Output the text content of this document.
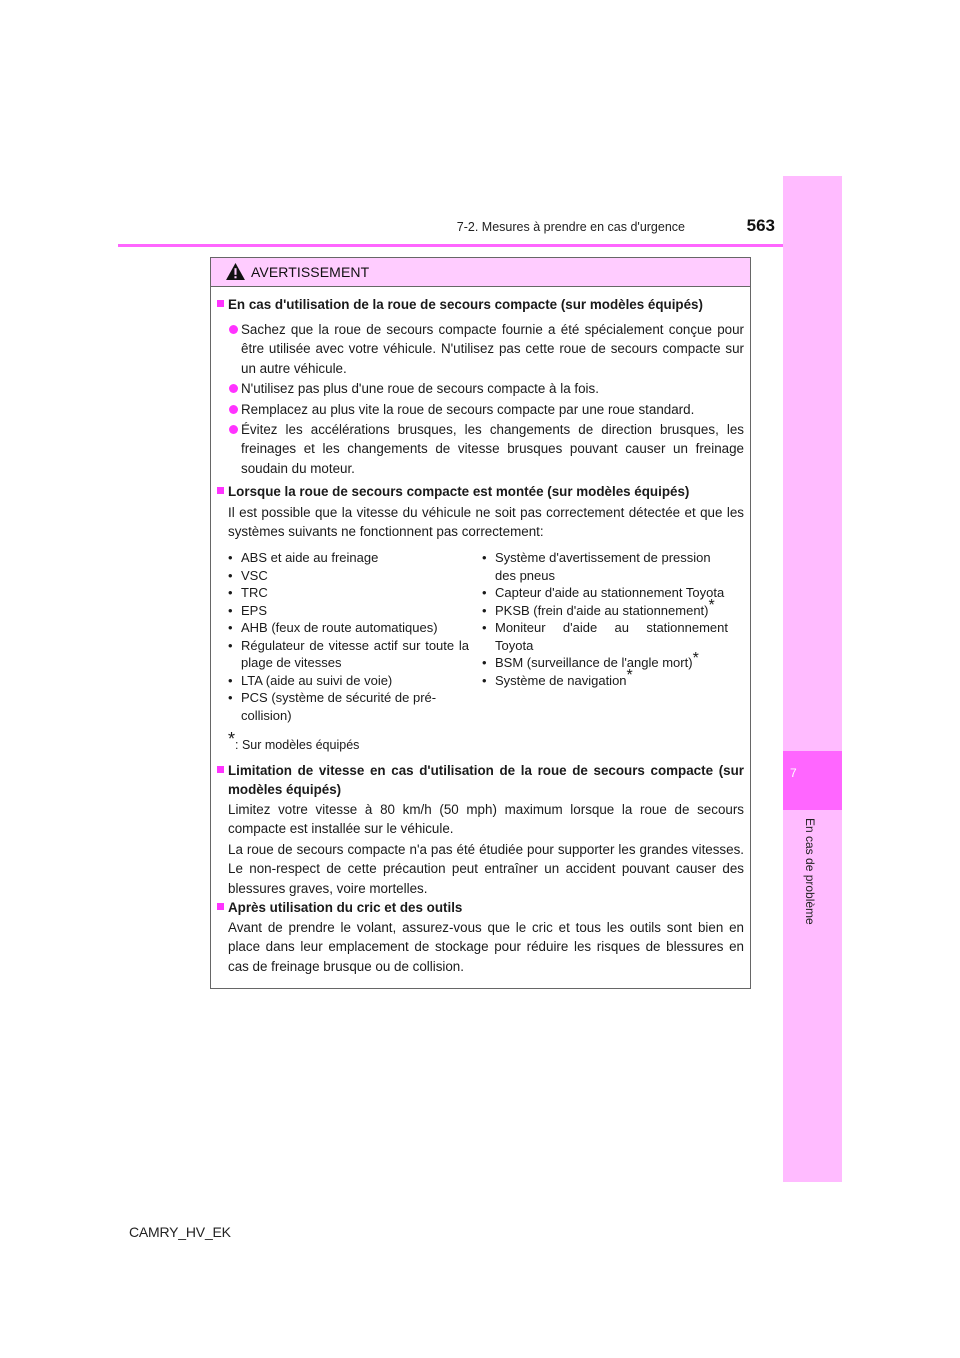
7-2. Mesures à prendre en cas d'urgence	563
7
En cas de problème
AVERTISSEMENT
En cas d'utilisation de la roue de secours compacte (sur modèles équipés)
Sachez que la roue de secours compacte fournie a été spécialement conçue pour être utilisée avec votre véhicule. N'utilisez pas cette roue de secours compacte sur un autre véhicule.
N'utilisez pas plus d'une roue de secours compacte à la fois.
Remplacez au plus vite la roue de secours compacte par une roue standard.
Évitez les accélérations brusques, les changements de direction brusques, les freinages et les changements de vitesse brusques pouvant causer un freinage soudain du moteur.
Lorsque la roue de secours compacte est montée (sur modèles équipés)
Il est possible que la vitesse du véhicule ne soit pas correctement détectée et que les systèmes suivants ne fonctionnent pas correctement:
• ABS et aide au freinage
• VSC
• TRC
• EPS
• AHB (feux de route automatiques)
• Régulateur de vitesse actif sur toute la plage de vitesses
• LTA (aide au suivi de voie)
• PCS (système de sécurité de pré-collision)
• Système d'avertissement de pression des pneus
• Capteur d'aide au stationnement Toyota
• PKSB (frein d'aide au stationnement)*
• Moniteur d'aide au stationnement Toyota
• BSM (surveillance de l'angle mort)*
• Système de navigation*
*: Sur modèles équipés
Limitation de vitesse en cas d'utilisation de la roue de secours compacte (sur modèles équipés)
Limitez votre vitesse à 80 km/h (50 mph) maximum lorsque la roue de secours compacte est installée sur le véhicule.
La roue de secours compacte n'a pas été étudiée pour supporter les grandes vitesses. Le non-respect de cette précaution peut entraîner un accident pouvant causer des blessures graves, voire mortelles.
Après utilisation du cric et des outils
Avant de prendre le volant, assurez-vous que le cric et tous les outils sont bien en place dans leur emplacement de stockage pour réduire les risques de blessures en cas de freinage brusque ou de collision.
CAMRY_HV_EK
